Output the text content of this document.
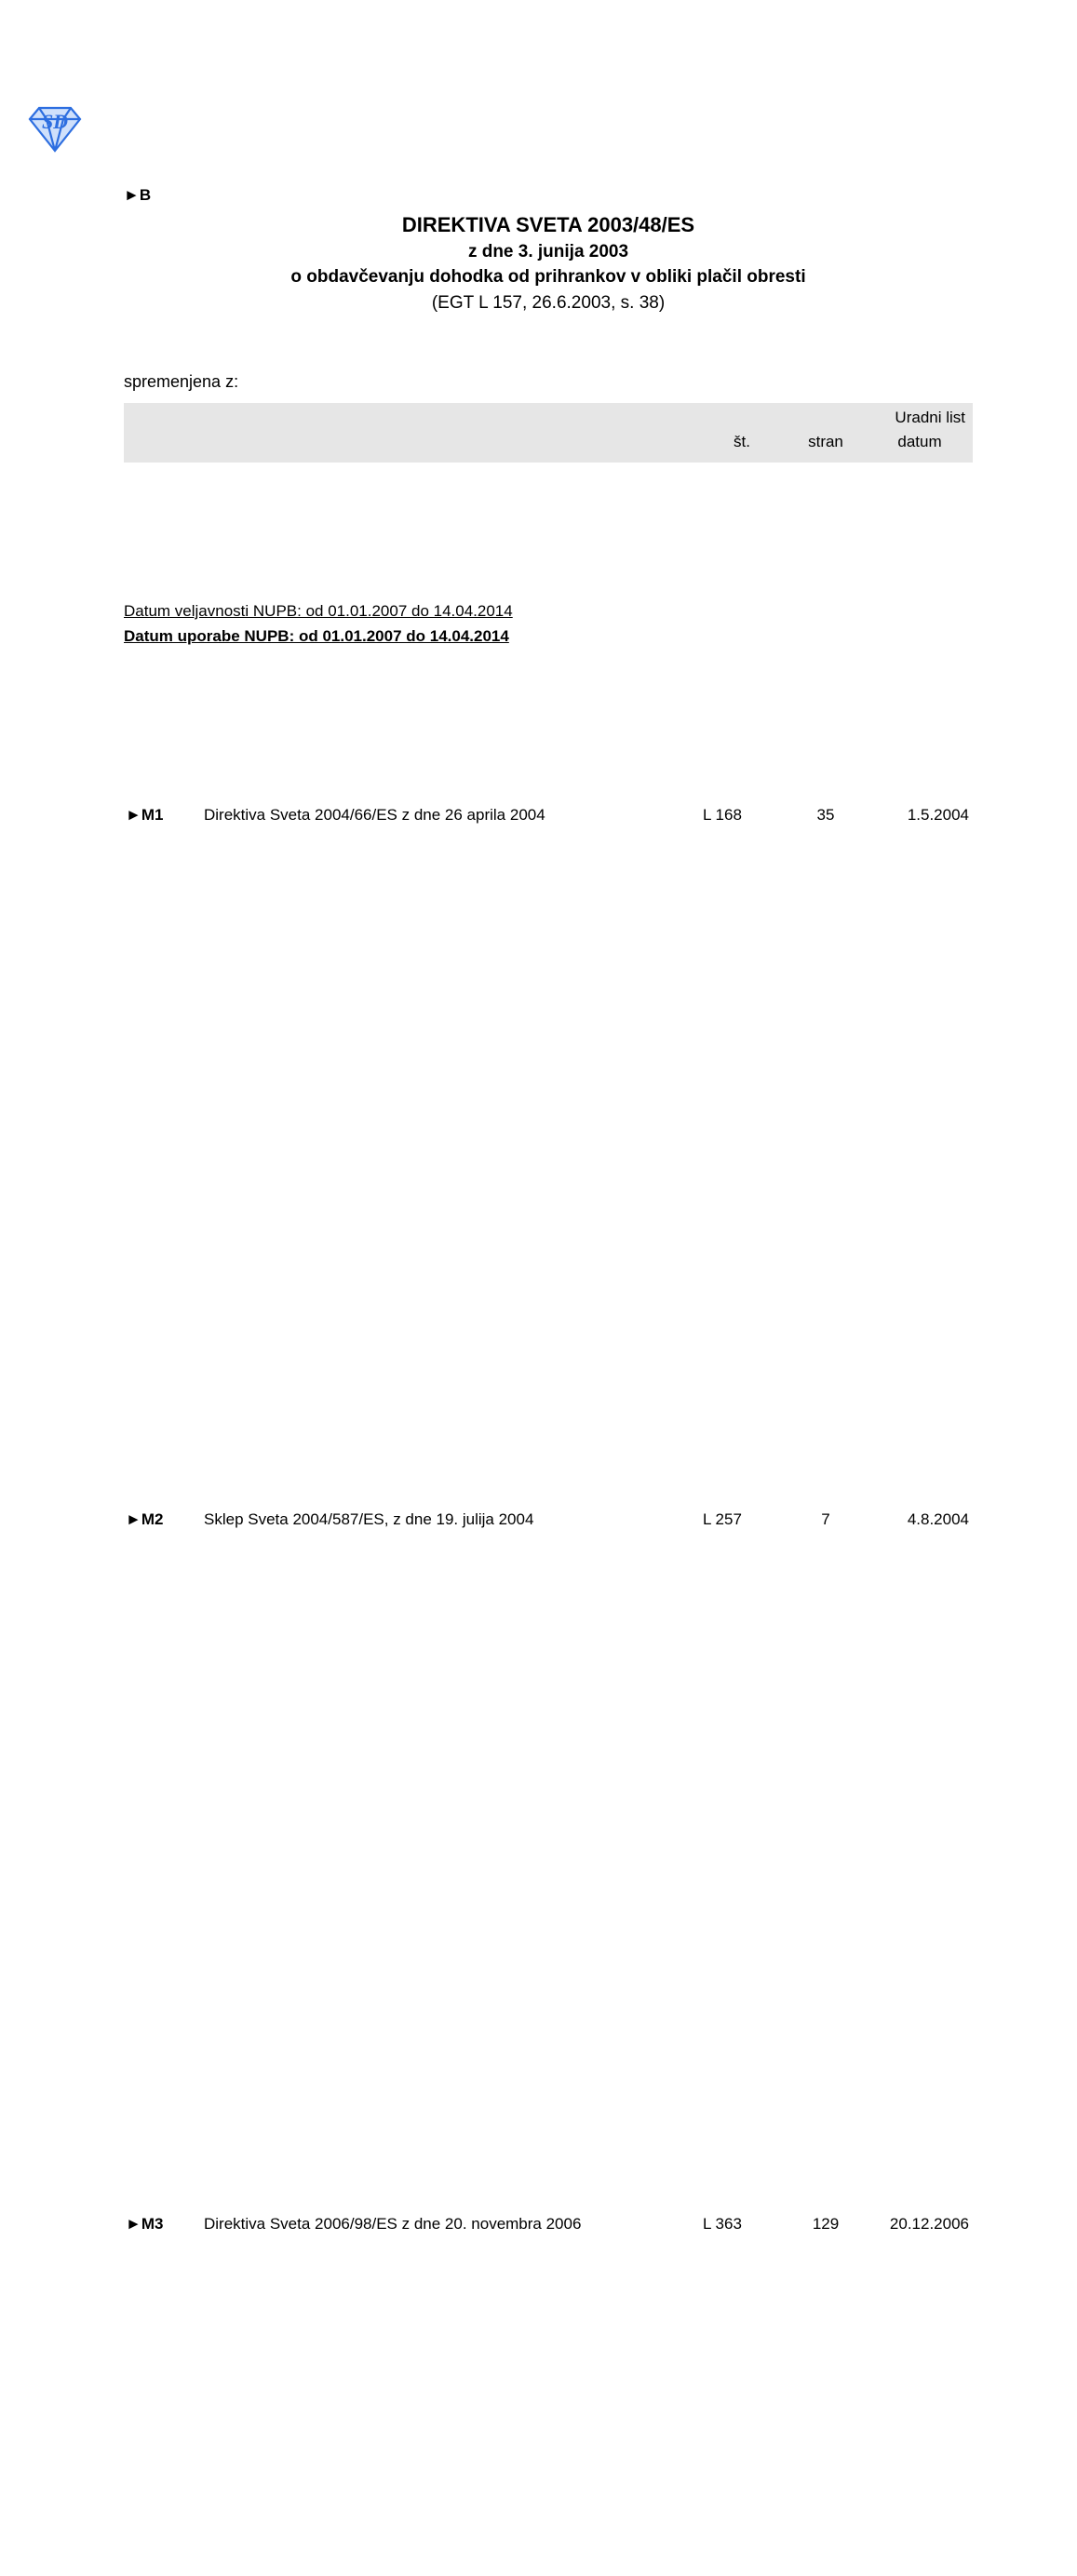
SD
►B
DIREKTIVA SVETA 2003/48/ES
z dne 3. junija 2003
o obdavčevanju dohodka od prihrankov v obliki plačil obresti
(EGT L 157, 26.6.2003, s. 38)
spremenjena z:
		Uradni list		
		št.	stran	datum
►M1	Direktiva Sveta 2004/66/ES z dne 26 aprila 2004	L 168	35	1.5.2004
►M2	Sklep Sveta 2004/587/ES, z dne 19. julija 2004	L 257	7	4.8.2004
►M3	Direktiva Sveta 2006/98/ES z dne 20. novembra 2006	L 363	129	20.12.2006
Datum veljavnosti NUPB: od 01.01.2007 do 14.04.2014
Datum uporabe NUPB: od 01.01.2007 do 14.04.2014
